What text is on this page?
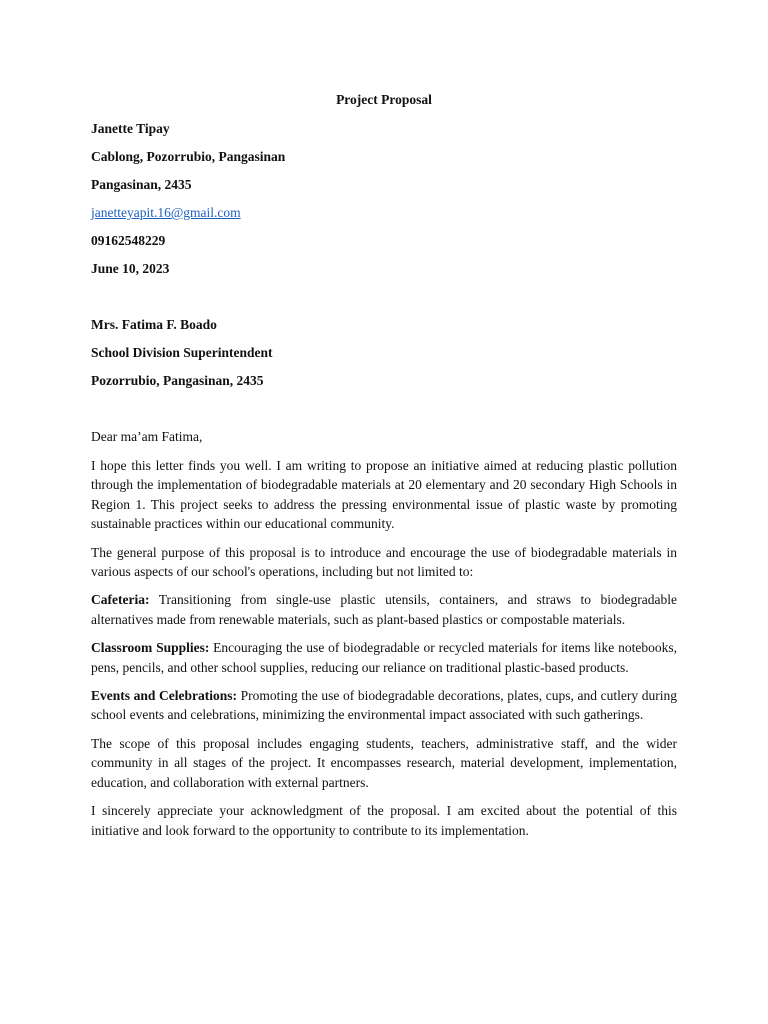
Project Proposal
Janette Tipay
Cablong, Pozorrubio, Pangasinan
Pangasinan, 2435
janetteyapit.16@gmail.com
09162548229
June 10, 2023
Mrs. Fatima F. Boado
School Division Superintendent
Pozorrubio, Pangasinan, 2435
Dear ma’am Fatima,

I hope this letter finds you well. I am writing to propose an initiative aimed at reducing plastic pollution through the implementation of biodegradable materials at 20 elementary and 20 secondary High Schools in Region 1. This project seeks to address the pressing environmental issue of plastic waste by promoting sustainable practices within our educational community.

The general purpose of this proposal is to introduce and encourage the use of biodegradable materials in various aspects of our school's operations, including but not limited to:

Cafeteria: Transitioning from single-use plastic utensils, containers, and straws to biodegradable alternatives made from renewable materials, such as plant-based plastics or compostable materials.

Classroom Supplies: Encouraging the use of biodegradable or recycled materials for items like notebooks, pens, pencils, and other school supplies, reducing our reliance on traditional plastic-based products.

Events and Celebrations: Promoting the use of biodegradable decorations, plates, cups, and cutlery during school events and celebrations, minimizing the environmental impact associated with such gatherings.

The scope of this proposal includes engaging students, teachers, administrative staff, and the wider community in all stages of the project. It encompasses research, material development, implementation, education, and collaboration with external partners.

I sincerely appreciate your acknowledgment of the proposal. I am excited about the potential of this initiative and look forward to the opportunity to contribute to its implementation.
